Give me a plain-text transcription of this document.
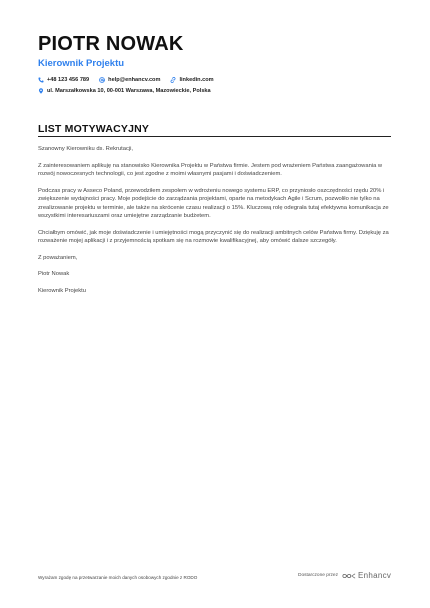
PIOTR NOWAK
Kierownik Projektu
+48 123 456 789	help@enhancv.com	linkedin.com
ul. Marszałkowska 10, 00-001 Warszawa, Mazowieckie, Polska
LIST MOTYWACYJNY

Szanowny Kierowniku ds. Rekrutacji,

Z zainteresowaniem aplikuję na stanowisko Kierownika Projektu w Państwa firmie. Jestem pod wrażeniem Państwa zaangażowania w rozwój nowoczesnych technologii, co jest zgodne z moimi własnymi pasjami i doświadczeniem.

Podczas pracy w Asseco Poland, przewodziłem zespołem w wdrożeniu nowego systemu ERP, co przyniosło oszczędności rzędu 20% i zwiększenie wydajności pracy. Moje podejście do zarządzania projektami, oparte na metodykach Agile i Scrum, pozwoliło nie tylko na zrealizowanie projektu w terminie, ale także na skrócenie czasu realizacji o 15%. Kluczową rolę odegrała tutaj efektywna komunikacja ze wszystkimi interesariuszami oraz umiejętne zarządzanie budżetem.

Chciałbym omówić, jak moje doświadczenie i umiejętności mogą przyczynić się do realizacji ambitnych celów Państwa firmy. Dziękuję za rozważenie mojej aplikacji i z przyjemnością spotkam się na rozmowie kwalifikacyjnej, aby omówić dalsze szczegóły.

Z poważaniem,

Piotr Nowak

Kierownik Projektu

Wyrażam zgodę na przetwarzanie moich danych osobowych zgodnie z RODO	Dostarczone przez	Enhancv
